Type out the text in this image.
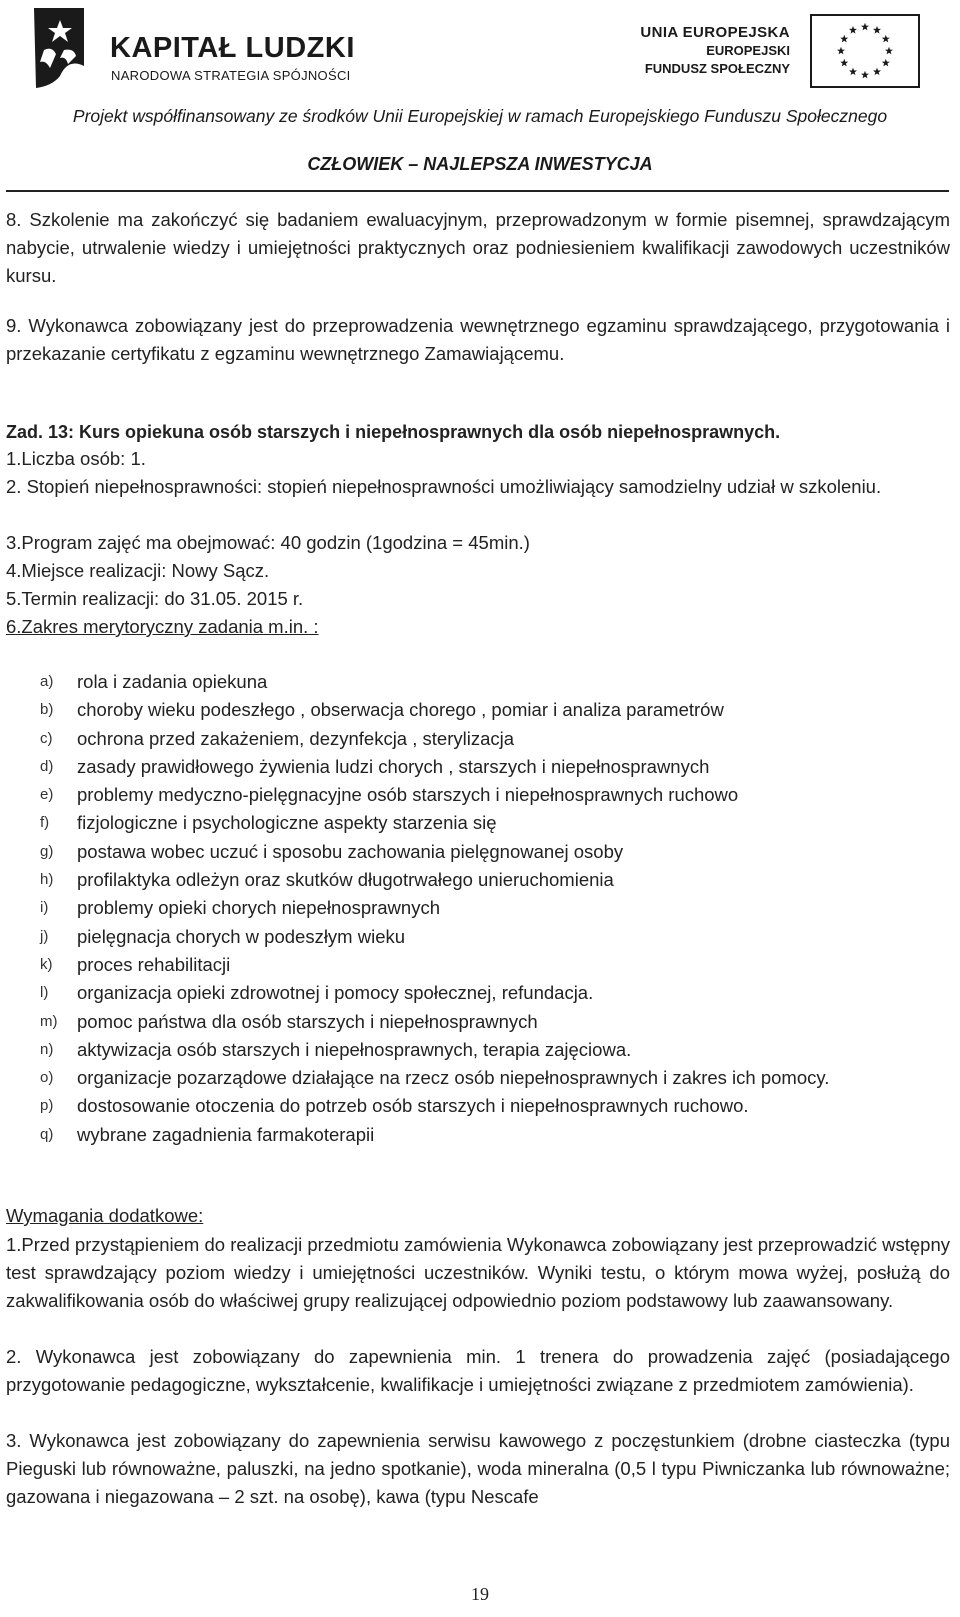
KAPITAŁ LUDZKI
NARODOWA STRATEGIA SPÓJNOŚCI
UNIA EUROPEJSKA
EUROPEJSKI
FUNDUSZ SPOŁECZNY
Projekt współfinansowany ze środków Unii Europejskiej w ramach Europejskiego Funduszu Społecznego
CZŁOWIEK – NAJLEPSZA INWESTYCJA
8. Szkolenie ma zakończyć się badaniem ewaluacyjnym, przeprowadzonym w formie pisemnej, sprawdzającym nabycie, utrwalenie wiedzy i umiejętności praktycznych oraz podniesieniem kwalifikacji zawodowych uczestników kursu.
9. Wykonawca zobowiązany jest do przeprowadzenia wewnętrznego egzaminu sprawdzającego, przygotowania i przekazanie certyfikatu z egzaminu wewnętrznego Zamawiającemu.
Zad. 13: Kurs opiekuna osób starszych i niepełnosprawnych dla osób niepełnosprawnych.
1.Liczba osób: 1.
2. Stopień niepełnosprawności: stopień niepełnosprawności umożliwiający samodzielny udział w szkoleniu.
3.Program zajęć ma obejmować: 40 godzin (1godzina = 45min.)
4.Miejsce realizacji: Nowy Sącz.
5.Termin realizacji: do 31.05. 2015 r.
6.Zakres merytoryczny zadania m.in. :
a) rola i zadania opiekuna
b) choroby wieku podeszłego , obserwacja chorego , pomiar i analiza parametrów
c) ochrona przed zakażeniem, dezynfekcja , sterylizacja
d) zasady prawidłowego żywienia ludzi chorych , starszych i niepełnosprawnych
e) problemy medyczno-pielęgnacyjne osób starszych i niepełnosprawnych ruchowo
f) fizjologiczne i psychologiczne aspekty starzenia się
g) postawa wobec uczuć i sposobu zachowania pielęgnowanej osoby
h) profilaktyka odleżyn oraz skutków długotrwałego unieruchomienia
i) problemy opieki chorych niepełnosprawnych
j) pielęgnacja chorych w podeszłym wieku
k) proces rehabilitacji
l) organizacja opieki zdrowotnej i pomocy społecznej, refundacja.
m) pomoc państwa dla osób starszych i niepełnosprawnych
n) aktywizacja osób starszych i niepełnosprawnych, terapia zajęciowa.
o) organizacje pozarządowe działające na rzecz osób niepełnosprawnych i zakres ich pomocy.
p) dostosowanie otoczenia do potrzeb osób starszych i niepełnosprawnych ruchowo.
q) wybrane zagadnienia farmakoterapii
Wymagania dodatkowe:
1.Przed przystąpieniem do realizacji przedmiotu zamówienia Wykonawca zobowiązany jest przeprowadzić wstępny test sprawdzający poziom wiedzy i umiejętności uczestników. Wyniki testu, o którym mowa wyżej, posłużą do zakwalifikowania osób do właściwej grupy realizującej odpowiednio poziom podstawowy lub zaawansowany.
2. Wykonawca jest zobowiązany do zapewnienia min. 1 trenera do prowadzenia zajęć (posiadającego przygotowanie pedagogiczne, wykształcenie, kwalifikacje i umiejętności związane z przedmiotem zamówienia).
3. Wykonawca jest zobowiązany do zapewnienia serwisu kawowego z poczęstunkiem (drobne ciasteczka (typu Pieguski lub równoważne, paluszki, na jedno spotkanie), woda mineralna (0,5 l typu Piwniczanka lub równoważne; gazowana i niegazowana – 2 szt. na osobę), kawa (typu Nescafe
19
